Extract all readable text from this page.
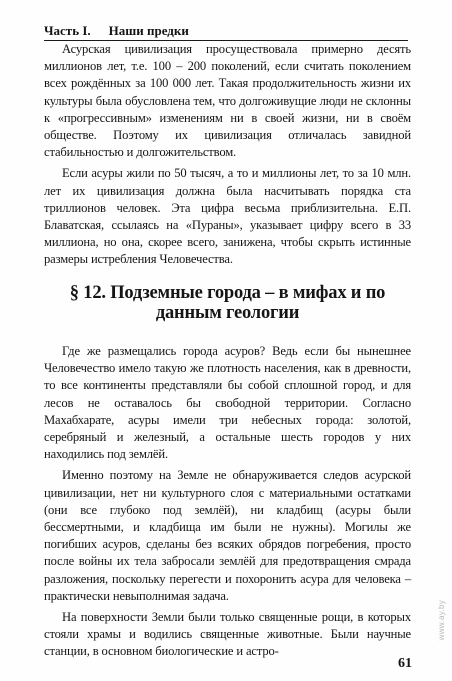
Часть I. Наши предки

Асурская цивилизация просуществовала примерно десять миллионов лет, т.е. 100 – 200 поколений, если считать поколением всех рождённых за 100 000 лет. Такая продолжительность жизни их культуры была обусловлена тем, что долгоживущие люди не склонны к «прогрессивным» изменениям ни в своей жизни, ни в своём обществе. Поэтому их цивилизация отличалась завидной стабильностью и долгожительством.

Если асуры жили по 50 тысяч, а то и миллионы лет, то за 10 млн. лет их цивилизация должна была насчитывать порядка ста триллионов человек. Эта цифра весьма приблизительна. Е.П. Блаватская, ссылаясь на «Пураны», указывает цифру всего в 33 миллиона, но она, скорее всего, занижена, чтобы скрыть истинные размеры истребления Человечества.

§ 12. Подземные города – в мифах и по данным геологии

Где же размещались города асуров? Ведь если бы нынешнее Человечество имело такую же плотность населения, как в древности, то все континенты представляли бы собой сплошной город, и для лесов не оставалось бы свободной территории. Согласно Махабхарате, асуры имели три небесных города: золотой, серебряный и железный, а остальные шесть городов у них находились под землёй.

Именно поэтому на Земле не обнаруживается следов асурской цивилизации, нет ни культурного слоя с материальными остатками (они все глубоко под землёй), ни кладбищ (асуры были бессмертными, и кладбища им были не нужны). Могилы же погибших асуров, сделаны без всяких обрядов погребения, просто после войны их тела забросали землёй для предотвращения смрада разложения, поскольку перегести и похоронить асура для человека – практически невыполнимая задача.

На поверхности Земли были только священные рощи, в которых стояли храмы и водились священные животные. Были научные станции, в основном биологические и астро-

61
www.ay.by
